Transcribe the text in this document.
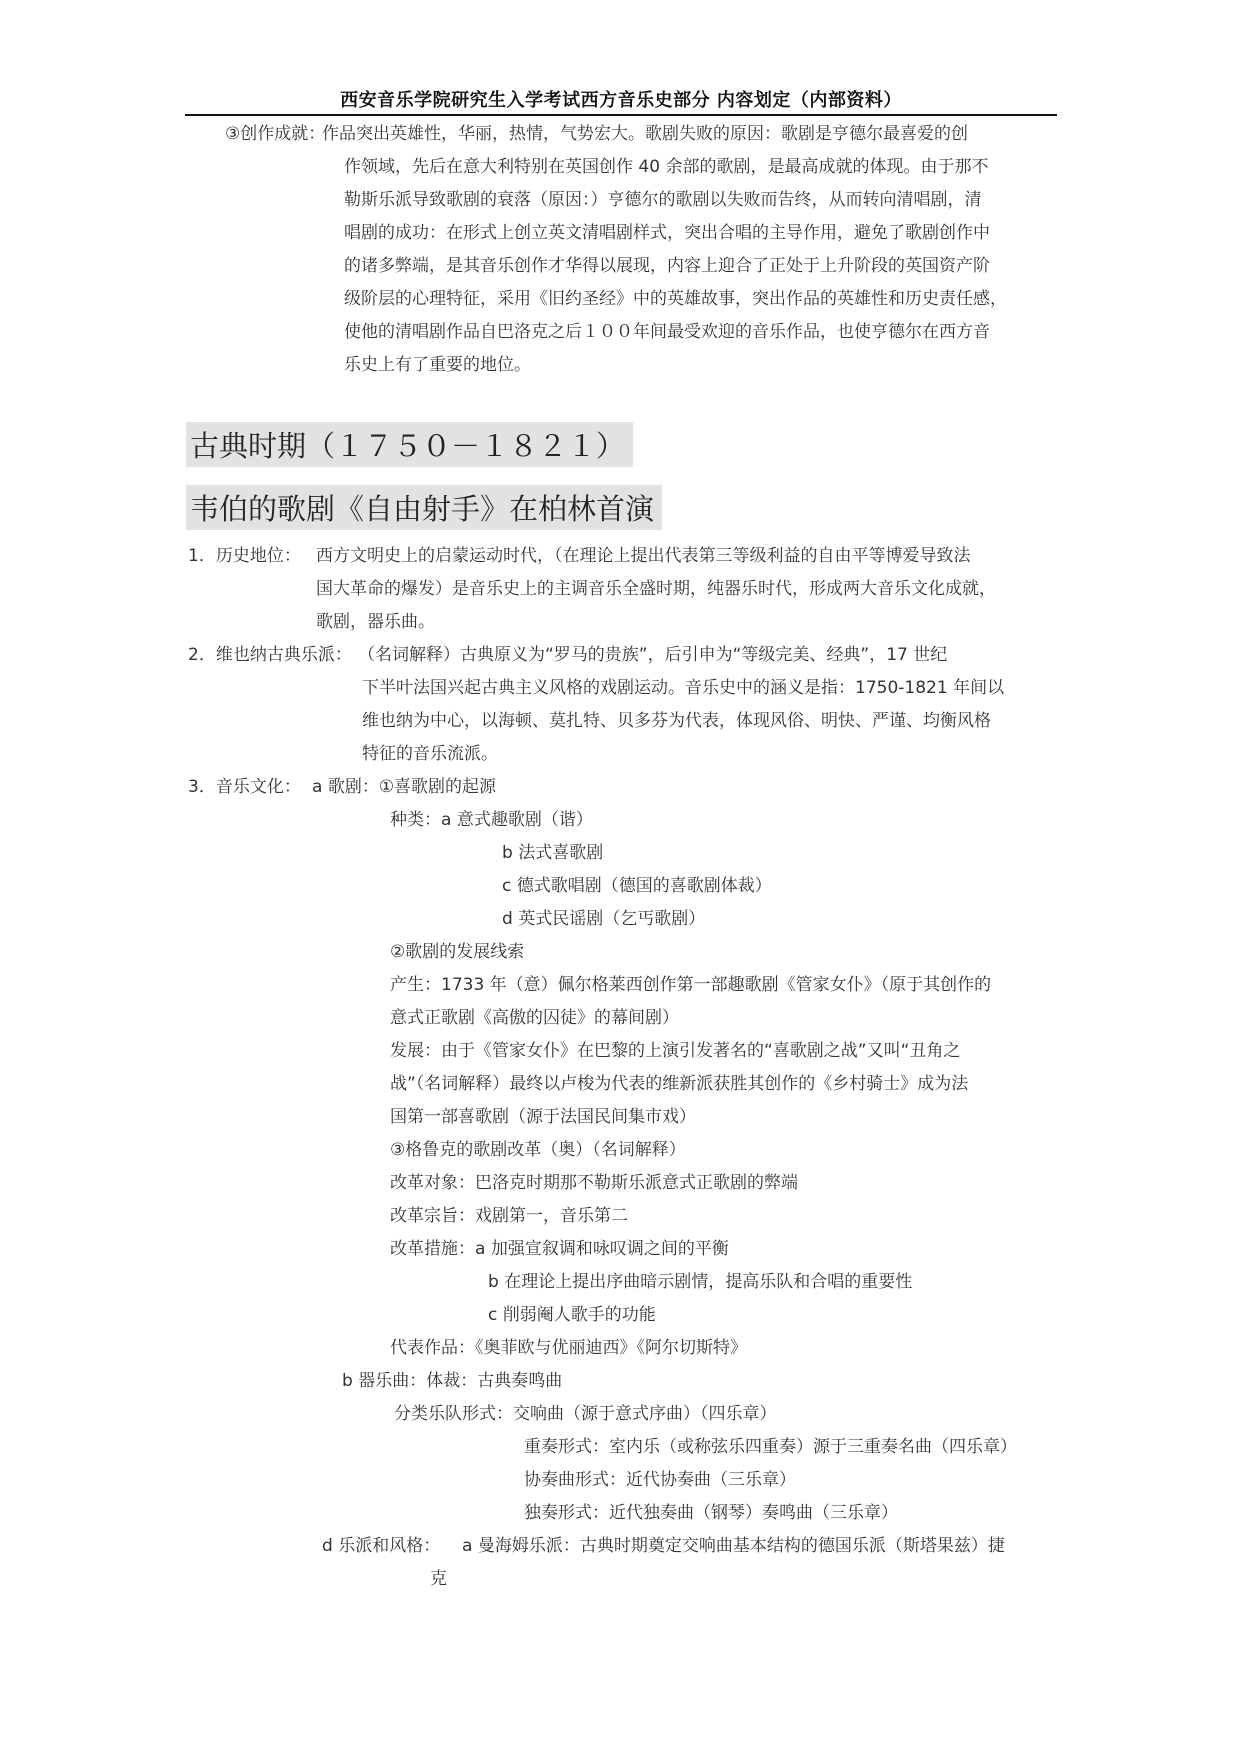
西安音乐学院研究生入学考试西方音乐史部分 内容划定（内部资料）
③创作成就：
作品突出英雄性，华丽，热情，气势宏大。歌剧失败的原因：歌剧是亨德尔最喜爱的创
作领域，先后在意大利特别在英国创作 40 余部的歌剧，是最高成就的体现。由于那不
勒斯乐派导致歌剧的衰落（原因：）亨德尔的歌剧以失败而告终，从而转向清唱剧，清
唱剧的成功：在形式上创立英文清唱剧样式，突出合唱的主导作用，避免了歌剧创作中
的诸多弊端，是其音乐创作才华得以展现，内容上迎合了正处于上升阶段的英国资产阶
级阶层的心理特征，采用《旧约圣经》中的英雄故事，突出作品的英雄性和历史责任感，
使他的清唱剧作品自巴洛克之后１００年间最受欢迎的音乐作品，也使亨德尔在西方音
乐史上有了重要的地位。
古典时期（１７５０－１８２１）
韦伯的歌剧《自由射手》在柏林首演
1．历史地位： 西方文明史上的启蒙运动时代，（在理论上提出代表第三等级利益的自由平等博爱导致法
国大革命的爆发）是音乐史上的主调音乐全盛时期，纯器乐时代，形成两大音乐文化成就，
歌剧，器乐曲。
2．维也纳古典乐派： （名词解释）古典原义为“罗马的贵族”，后引申为“等级完美、经典”，17 世纪
下半叶法国兴起古典主义风格的戏剧运动。音乐史中的涵义是指：1750-1821 年间以
维也纳为中心，以海顿、莫扎特、贝多芬为代表，体现风俗、明快、严谨、均衡风格
特征的音乐流派。
3．音乐文化： a 歌剧：①喜歌剧的起源
种类：a 意式趣歌剧（谐）
b 法式喜歌剧
c 德式歌唱剧（德国的喜歌剧体裁）
d 英式民谣剧（乞丐歌剧）
②歌剧的发展线索
产生：1733 年（意）佩尔格莱西创作第一部趣歌剧《管家女仆》（原于其创作的
意式正歌剧《高傲的囚徒》的幕间剧）
发展：由于《管家女仆》在巴黎的上演引发著名的“喜歌剧之战”又叫“丑角之
战”（名词解释）最终以卢梭为代表的维新派获胜其创作的《乡村骑士》成为法
国第一部喜歌剧（源于法国民间集市戏）
③格鲁克的歌剧改革（奥）（名词解释）
改革对象：巴洛克时期那不勒斯乐派意式正歌剧的弊端
改革宗旨：戏剧第一，音乐第二
改革措施：a 加强宣叙调和咏叹调之间的平衡
b 在理论上提出序曲暗示剧情，提高乐队和合唱的重要性
c 削弱阉人歌手的功能
代表作品：《奥菲欧与优丽迪西》《阿尔切斯特》
b 器乐曲：体裁：古典奏鸣曲
分类乐队形式：交响曲（源于意式序曲）（四乐章）
重奏形式：室内乐（或称弦乐四重奏）源于三重奏名曲（四乐章）
协奏曲形式：近代协奏曲（三乐章）
独奏形式：近代独奏曲（钢琴）奏鸣曲（三乐章）
d 乐派和风格： a 曼海姆乐派：古典时期奠定交响曲基本结构的德国乐派（斯塔果兹）捷
克
